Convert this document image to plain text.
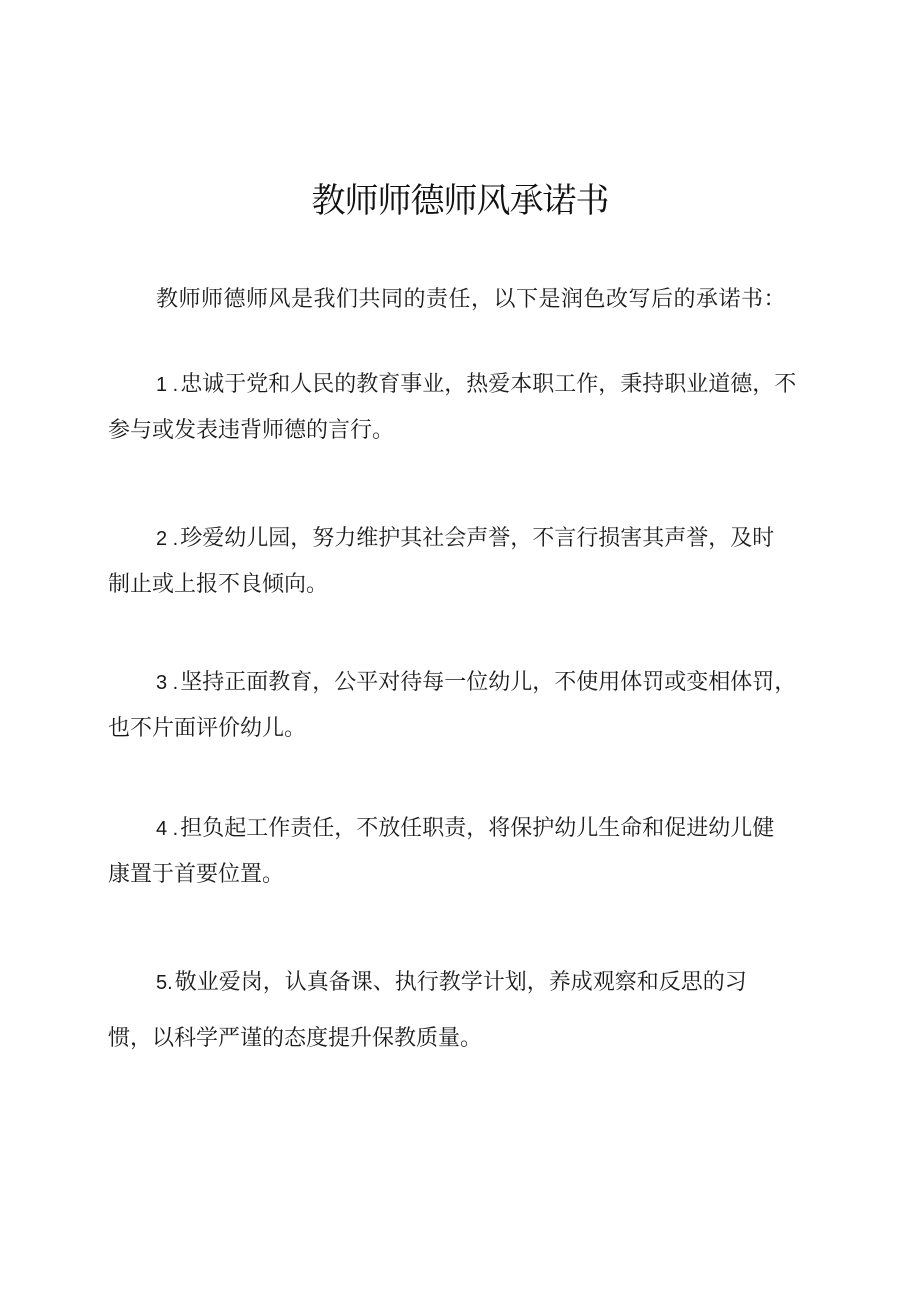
教师师德师风承诺书

教师师德师风是我们共同的责任，以下是润色改写后的承诺书：

1 .忠诚于党和人民的教育事业，热爱本职工作，秉持职业道德，不
参与或发表违背师德的言行。
2 .珍爱幼儿园，努力维护其社会声誉，不言行损害其声誉，及时
制止或上报不良倾向。
3 .坚持正面教育，公平对待每一位幼儿，不使用体罚或变相体罚，
也不片面评价幼儿。
4 .担负起工作责任，不放任职责，将保护幼儿生命和促进幼儿健
康置于首要位置。
5.敬业爱岗，认真备课、执行教学计划，养成观察和反思的习
惯，以科学严谨的态度提升保教质量。
